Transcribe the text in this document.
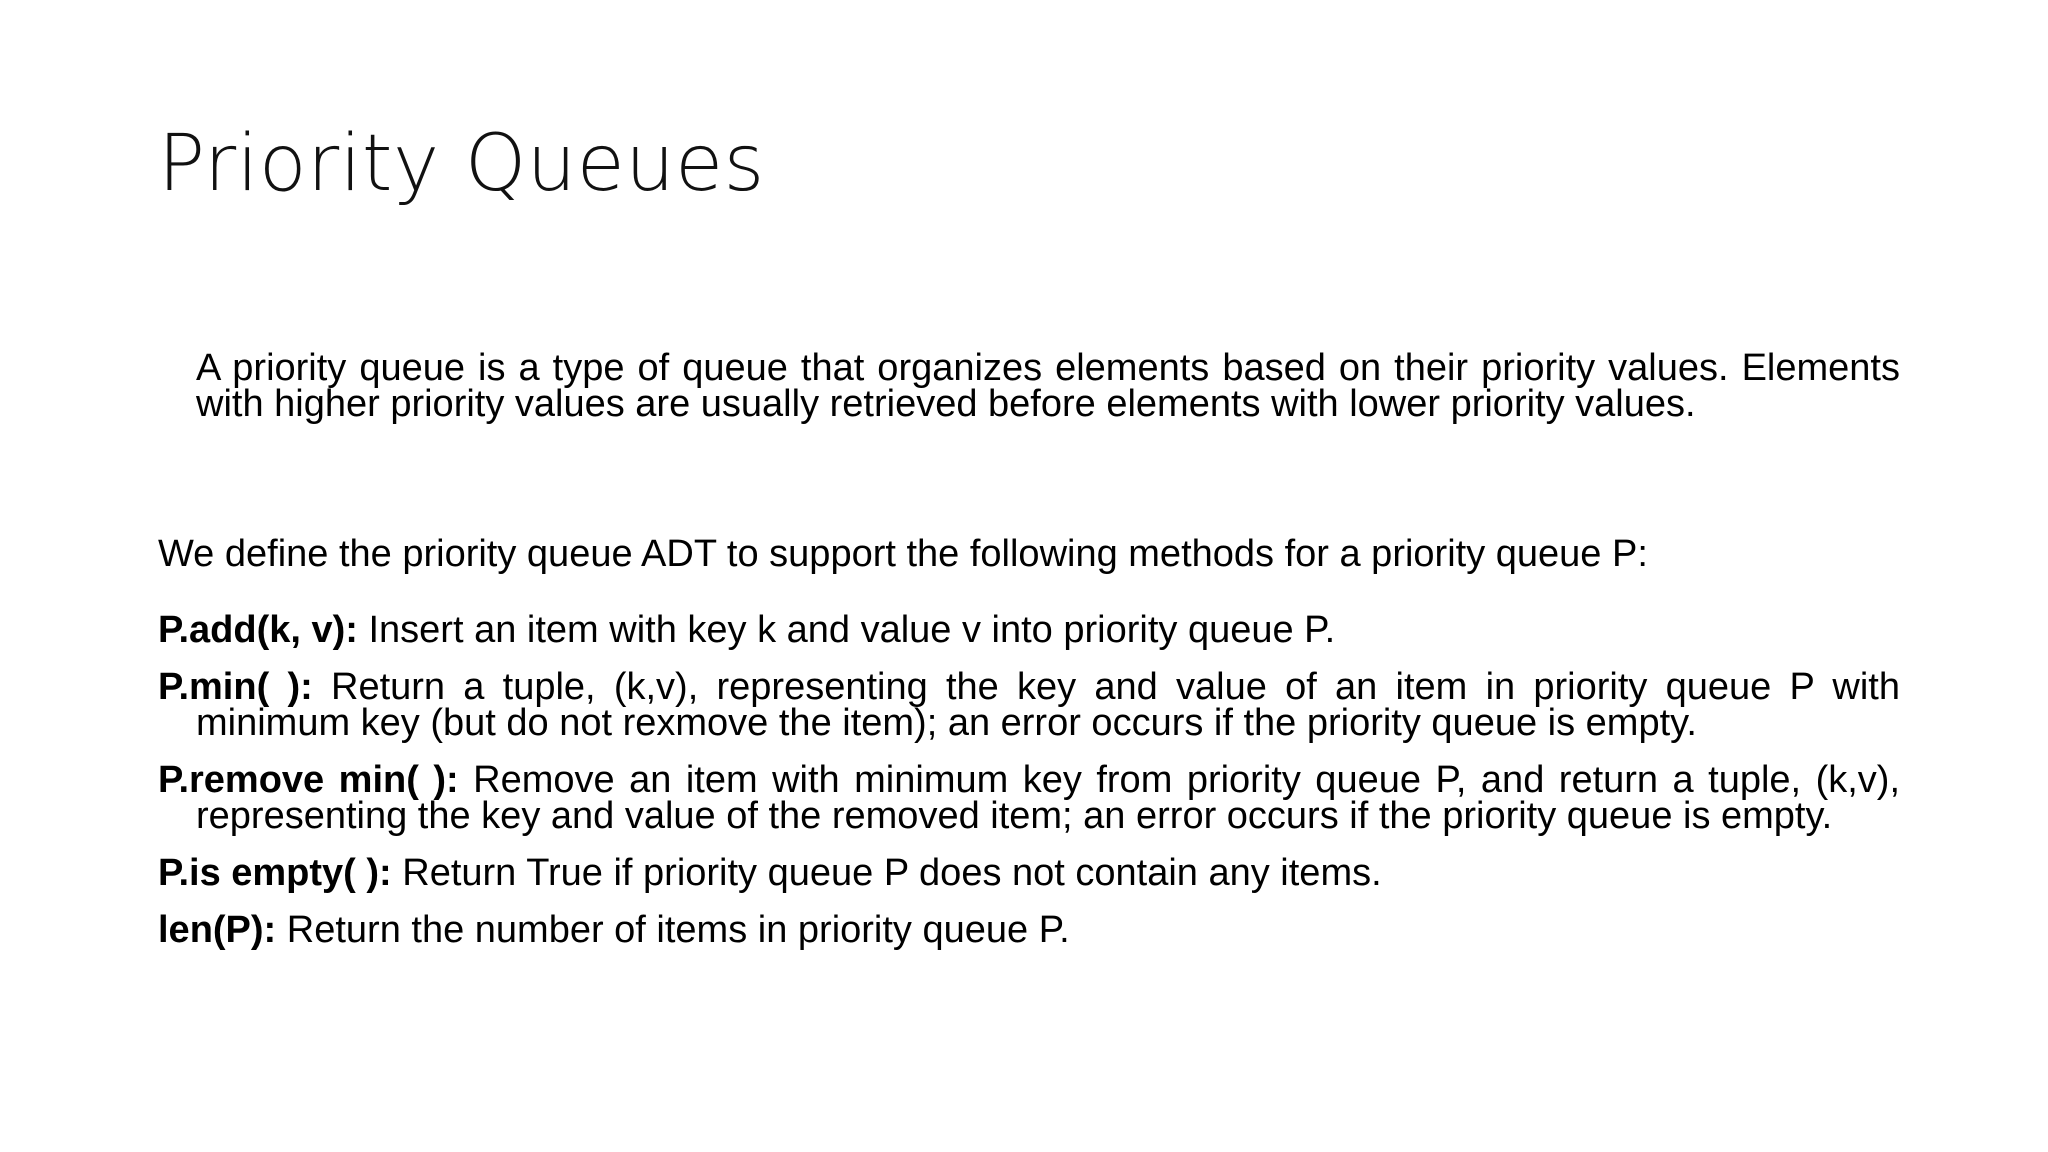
Priority Queues

A priority queue is a type of queue that organizes elements based on their priority values. Elements with higher priority values are usually retrieved before elements with lower priority values.

We define the priority queue ADT to support the following methods for a priority queue P:

P.add(k, v): Insert an item with key k and value v into priority queue P.
P.min( ): Return a tuple, (k,v), representing the key and value of an item in priority queue P with minimum key (but do not rexmove the item); an error occurs if the priority queue is empty.
P.remove min( ): Remove an item with minimum key from priority queue P, and return a tuple, (k,v), representing the key and value of the removed item; an error occurs if the priority queue is empty.
P.is empty( ): Return True if priority queue P does not contain any items.
len(P): Return the number of items in priority queue P.
